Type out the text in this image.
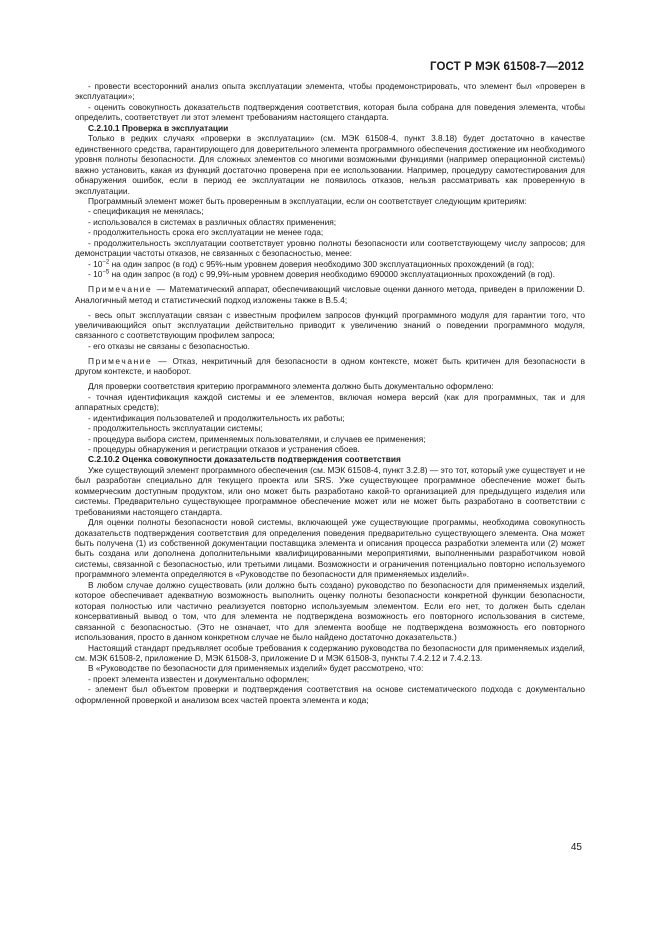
ГОСТ Р МЭК 61508-7—2012

- провести всесторонний анализ опыта эксплуатации элемента, чтобы продемонстрировать, что элемент был «проверен в эксплуатации»;

- оценить совокупность доказательств подтверждения соответствия, которая была собрана для поведения элемента, чтобы определить, соответствует ли этот элемент требованиям настоящего стандарта.

C.2.10.1 Проверка в эксплуатации

Только в редких случаях «проверки в эксплуатации» (см. МЭК 61508-4, пункт 3.8.18) будет достаточно в качестве единственного средства, гарантирующего для доверительного элемента программного обеспечения достижение им необходимого уровня полноты безопасности. Для сложных элементов со многими возможными функциями (например операционной системы) важно установить, какая из функций достаточно проверена при ее использовании. Например, процедуру самотестирования для обнаружения ошибок, если в период ее эксплуатации не появилось отказов, нельзя рассматривать как проверенную в эксплуатации.

Программный элемент может быть проверенным в эксплуатации, если он соответствует следующим критериям:

- спецификация не менялась;

- использовался в системах в различных областях применения;

- продолжительность срока его эксплуатации не менее года;

- продолжительность эксплуатации соответствует уровню полноты безопасности или соответствующему числу запросов; для демонстрации частоты отказов, не связанных с безопасностью, менее:

- $10^{-2}$ на один запрос (в год) с 95%-ным уровнем доверия необходимо 300 эксплуатационных прохождений (в год);

- $10^{-5}$ на один запрос (в год) с 99,9%-ным уровнем доверия необходимо 690000 эксплуатационных прохождений (в год).

Примечание — Математический аппарат, обеспечивающий числовые оценки данного метода, приведен в приложении D. Аналогичный метод и статистический подход изложены также в B.5.4;

- весь опыт эксплуатации связан с известным профилем запросов функций программного модуля для гарантии того, что увеличивающийся опыт эксплуатации действительно приводит к увеличению знаний о поведении программного модуля, связанного с соответствующим профилем запроса;

- его отказы не связаны с безопасностью.

Примечание — Отказ, некритичный для безопасности в одном контексте, может быть критичен для безопасности в другом контексте, и наоборот.

Для проверки соответствия критерию программного элемента должно быть документально оформлено:

- точная идентификация каждой системы и ее элементов, включая номера версий (как для программных, так и для аппаратных средств);

- идентификация пользователей и продолжительность их работы;

- продолжительность эксплуатации системы;

- процедура выбора систем, применяемых пользователями, и случаев ее применения;

- процедуры обнаружения и регистрации отказов и устранения сбоев.

C.2.10.2 Оценка совокупности доказательств подтверждения соответствия

Уже существующий элемент программного обеспечения (см. МЭК 61508-4, пункт 3.2.8) — это тот, который уже существует и не был разработан специально для текущего проекта или SRS. Уже существующее программное обеспечение может быть коммерческим доступным продуктом, или оно может быть разработано какой-то организацией для предыдущего изделия или системы. Предварительно существующее программное обеспечение может или не может быть разработано в соответствии с требованиями настоящего стандарта.

Для оценки полноты безопасности новой системы, включающей уже существующие программы, необходима совокупность доказательств подтверждения соответствия для определения поведения предварительно существующего элемента. Она может быть получена (1) из собственной документации поставщика элемента и описания процесса разработки элемента или (2) может быть создана или дополнена дополнительными квалифицированными мероприятиями, выполненными разработчиком новой системы, связанной с безопасностью, или третьими лицами. Возможности и ограничения потенциально повторно используемого программного элемента определяются в «Руководстве по безопасности для применяемых изделий».

В любом случае должно существовать (или должно быть создано) руководство по безопасности для применяемых изделий, которое обеспечивает адекватную возможность выполнить оценку полноты безопасности конкретной функции безопасности, которая полностью или частично реализуется повторно используемым элементом. Если его нет, то должен быть сделан консервативный вывод о том, что для элемента не подтверждена возможность его повторного использования в системе, связанной с безопасностью. (Это не означает, что для элемента вообще не подтверждена возможность его повторного использования, просто в данном конкретном случае не было найдено достаточно доказательств.)

Настоящий стандарт предъявляет особые требования к содержанию руководства по безопасности для применяемых изделий, см. МЭК 61508-2, приложение D, МЭК 61508-3, приложение D и МЭК 61508-3, пункты 7.4.2.12 и 7.4.2.13.

В «Руководстве по безопасности для применяемых изделий» будет рассмотрено, что:

- проект элемента известен и документально оформлен;

- элемент был объектом проверки и подтверждения соответствия на основе систематического подхода с документально оформленной проверкой и анализом всех частей проекта элемента и кода;

45
